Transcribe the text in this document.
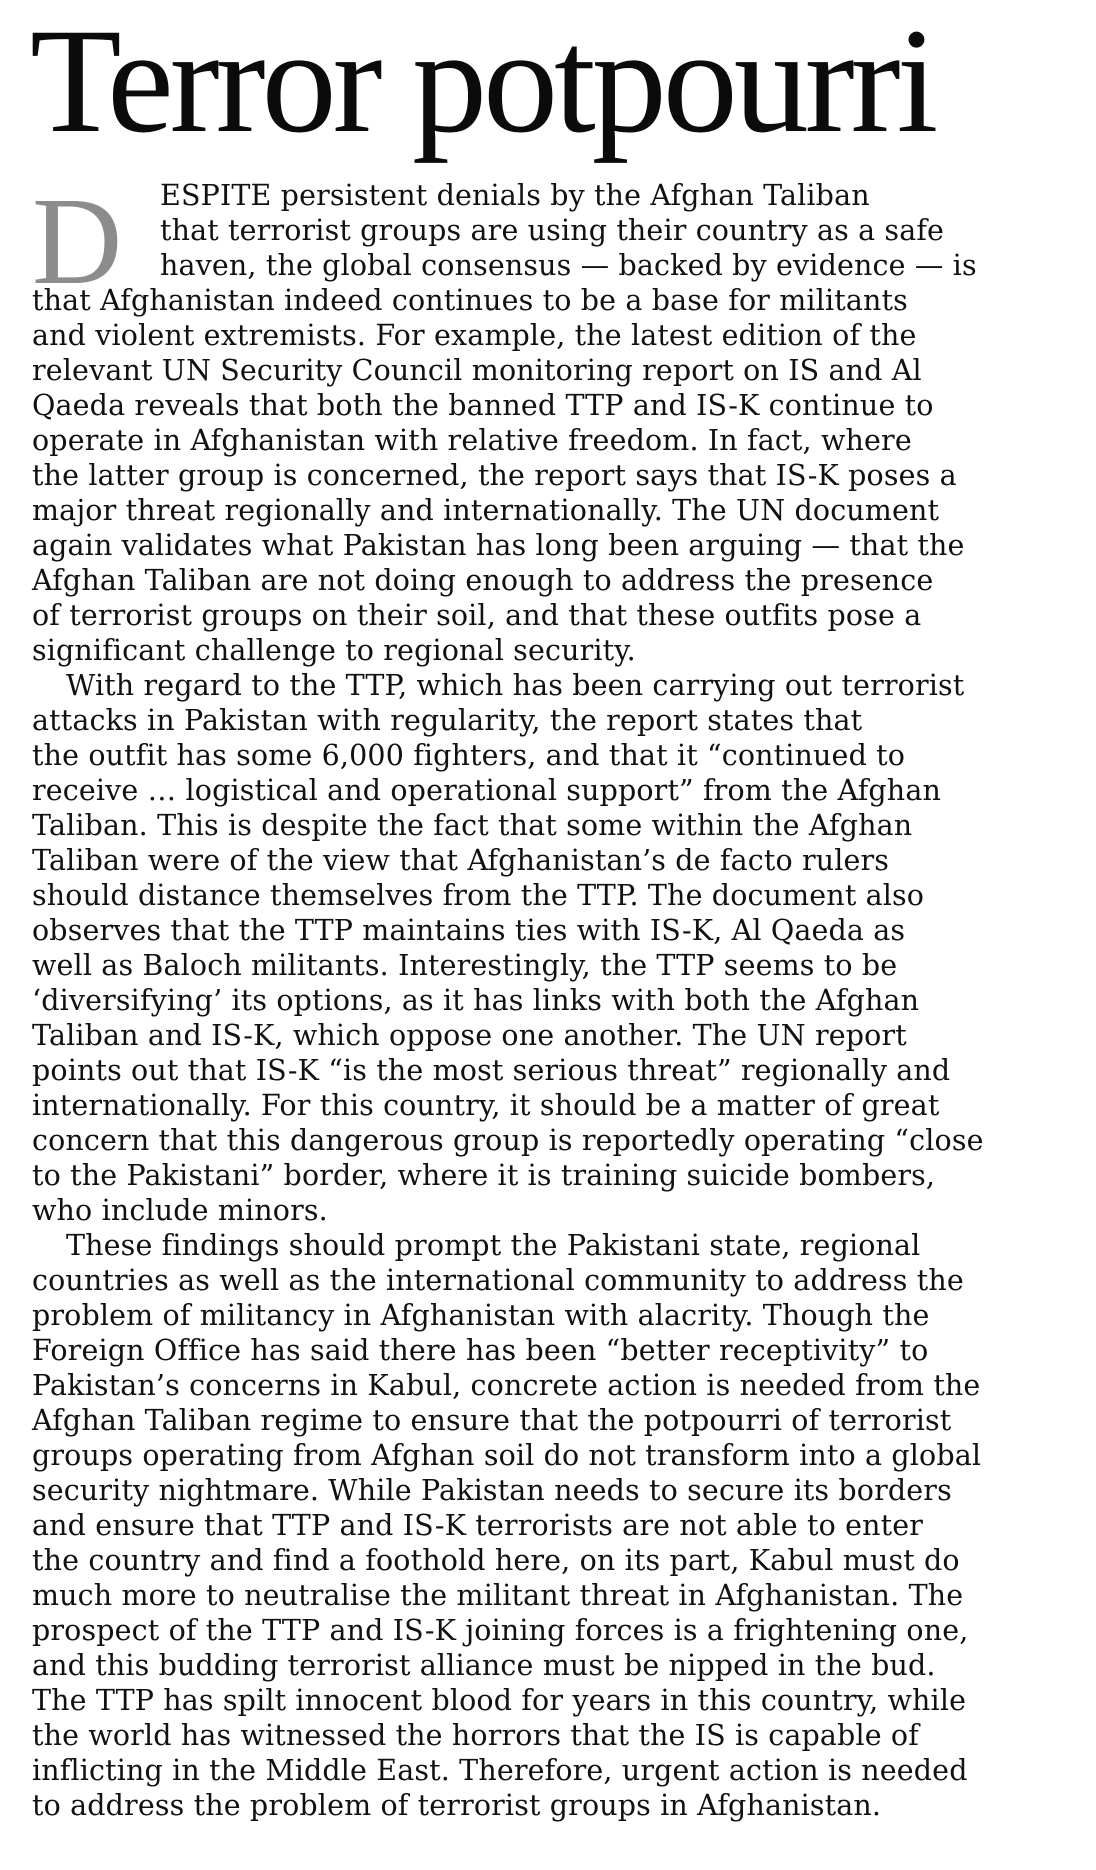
Terror potpourri
D	ESPITE persistent denials by the Afghan Taliban
that terrorist groups are using their country as a safe
haven, the global consensus — backed by evidence — is
that Afghanistan indeed continues to be a base for militants
and violent extremists. For example, the latest edition of the
relevant UN Security Council monitoring report on IS and Al
Qaeda reveals that both the banned TTP and IS-K continue to
operate in Afghanistan with relative freedom. In fact, where
the latter group is concerned, the report says that IS-K poses a
major threat regionally and internationally. The UN document
again validates what Pakistan has long been arguing — that the
Afghan Taliban are not doing enough to address the presence
of terrorist groups on their soil, and that these outfits pose a
significant challenge to regional security.
With regard to the TTP, which has been carrying out terrorist
attacks in Pakistan with regularity, the report states that
the outfit has some 6,000 fighters, and that it “continued to
receive … logistical and operational support” from the Afghan
Taliban. This is despite the fact that some within the Afghan
Taliban were of the view that Afghanistan’s de facto rulers
should distance themselves from the TTP. The document also
observes that the TTP maintains ties with IS-K, Al Qaeda as
well as Baloch militants. Interestingly, the TTP seems to be
‘diversifying’ its options, as it has links with both the Afghan
Taliban and IS-K, which oppose one another. The UN report
points out that IS-K “is the most serious threat” regionally and
internationally. For this country, it should be a matter of great
concern that this dangerous group is reportedly operating “close
to the Pakistani” border, where it is training suicide bombers,
who include minors.
These findings should prompt the Pakistani state, regional
countries as well as the international community to address the
problem of militancy in Afghanistan with alacrity. Though the
Foreign Office has said there has been “better receptivity” to
Pakistan’s concerns in Kabul, concrete action is needed from the
Afghan Taliban regime to ensure that the potpourri of terrorist
groups operating from Afghan soil do not transform into a global
security nightmare. While Pakistan needs to secure its borders
and ensure that TTP and IS-K terrorists are not able to enter
the country and find a foothold here, on its part, Kabul must do
much more to neutralise the militant threat in Afghanistan. The
prospect of the TTP and IS-K joining forces is a frightening one,
and this budding terrorist alliance must be nipped in the bud.
The TTP has spilt innocent blood for years in this country, while
the world has witnessed the horrors that the IS is capable of
inflicting in the Middle East. Therefore, urgent action is needed
to address the problem of terrorist groups in Afghanistan.
